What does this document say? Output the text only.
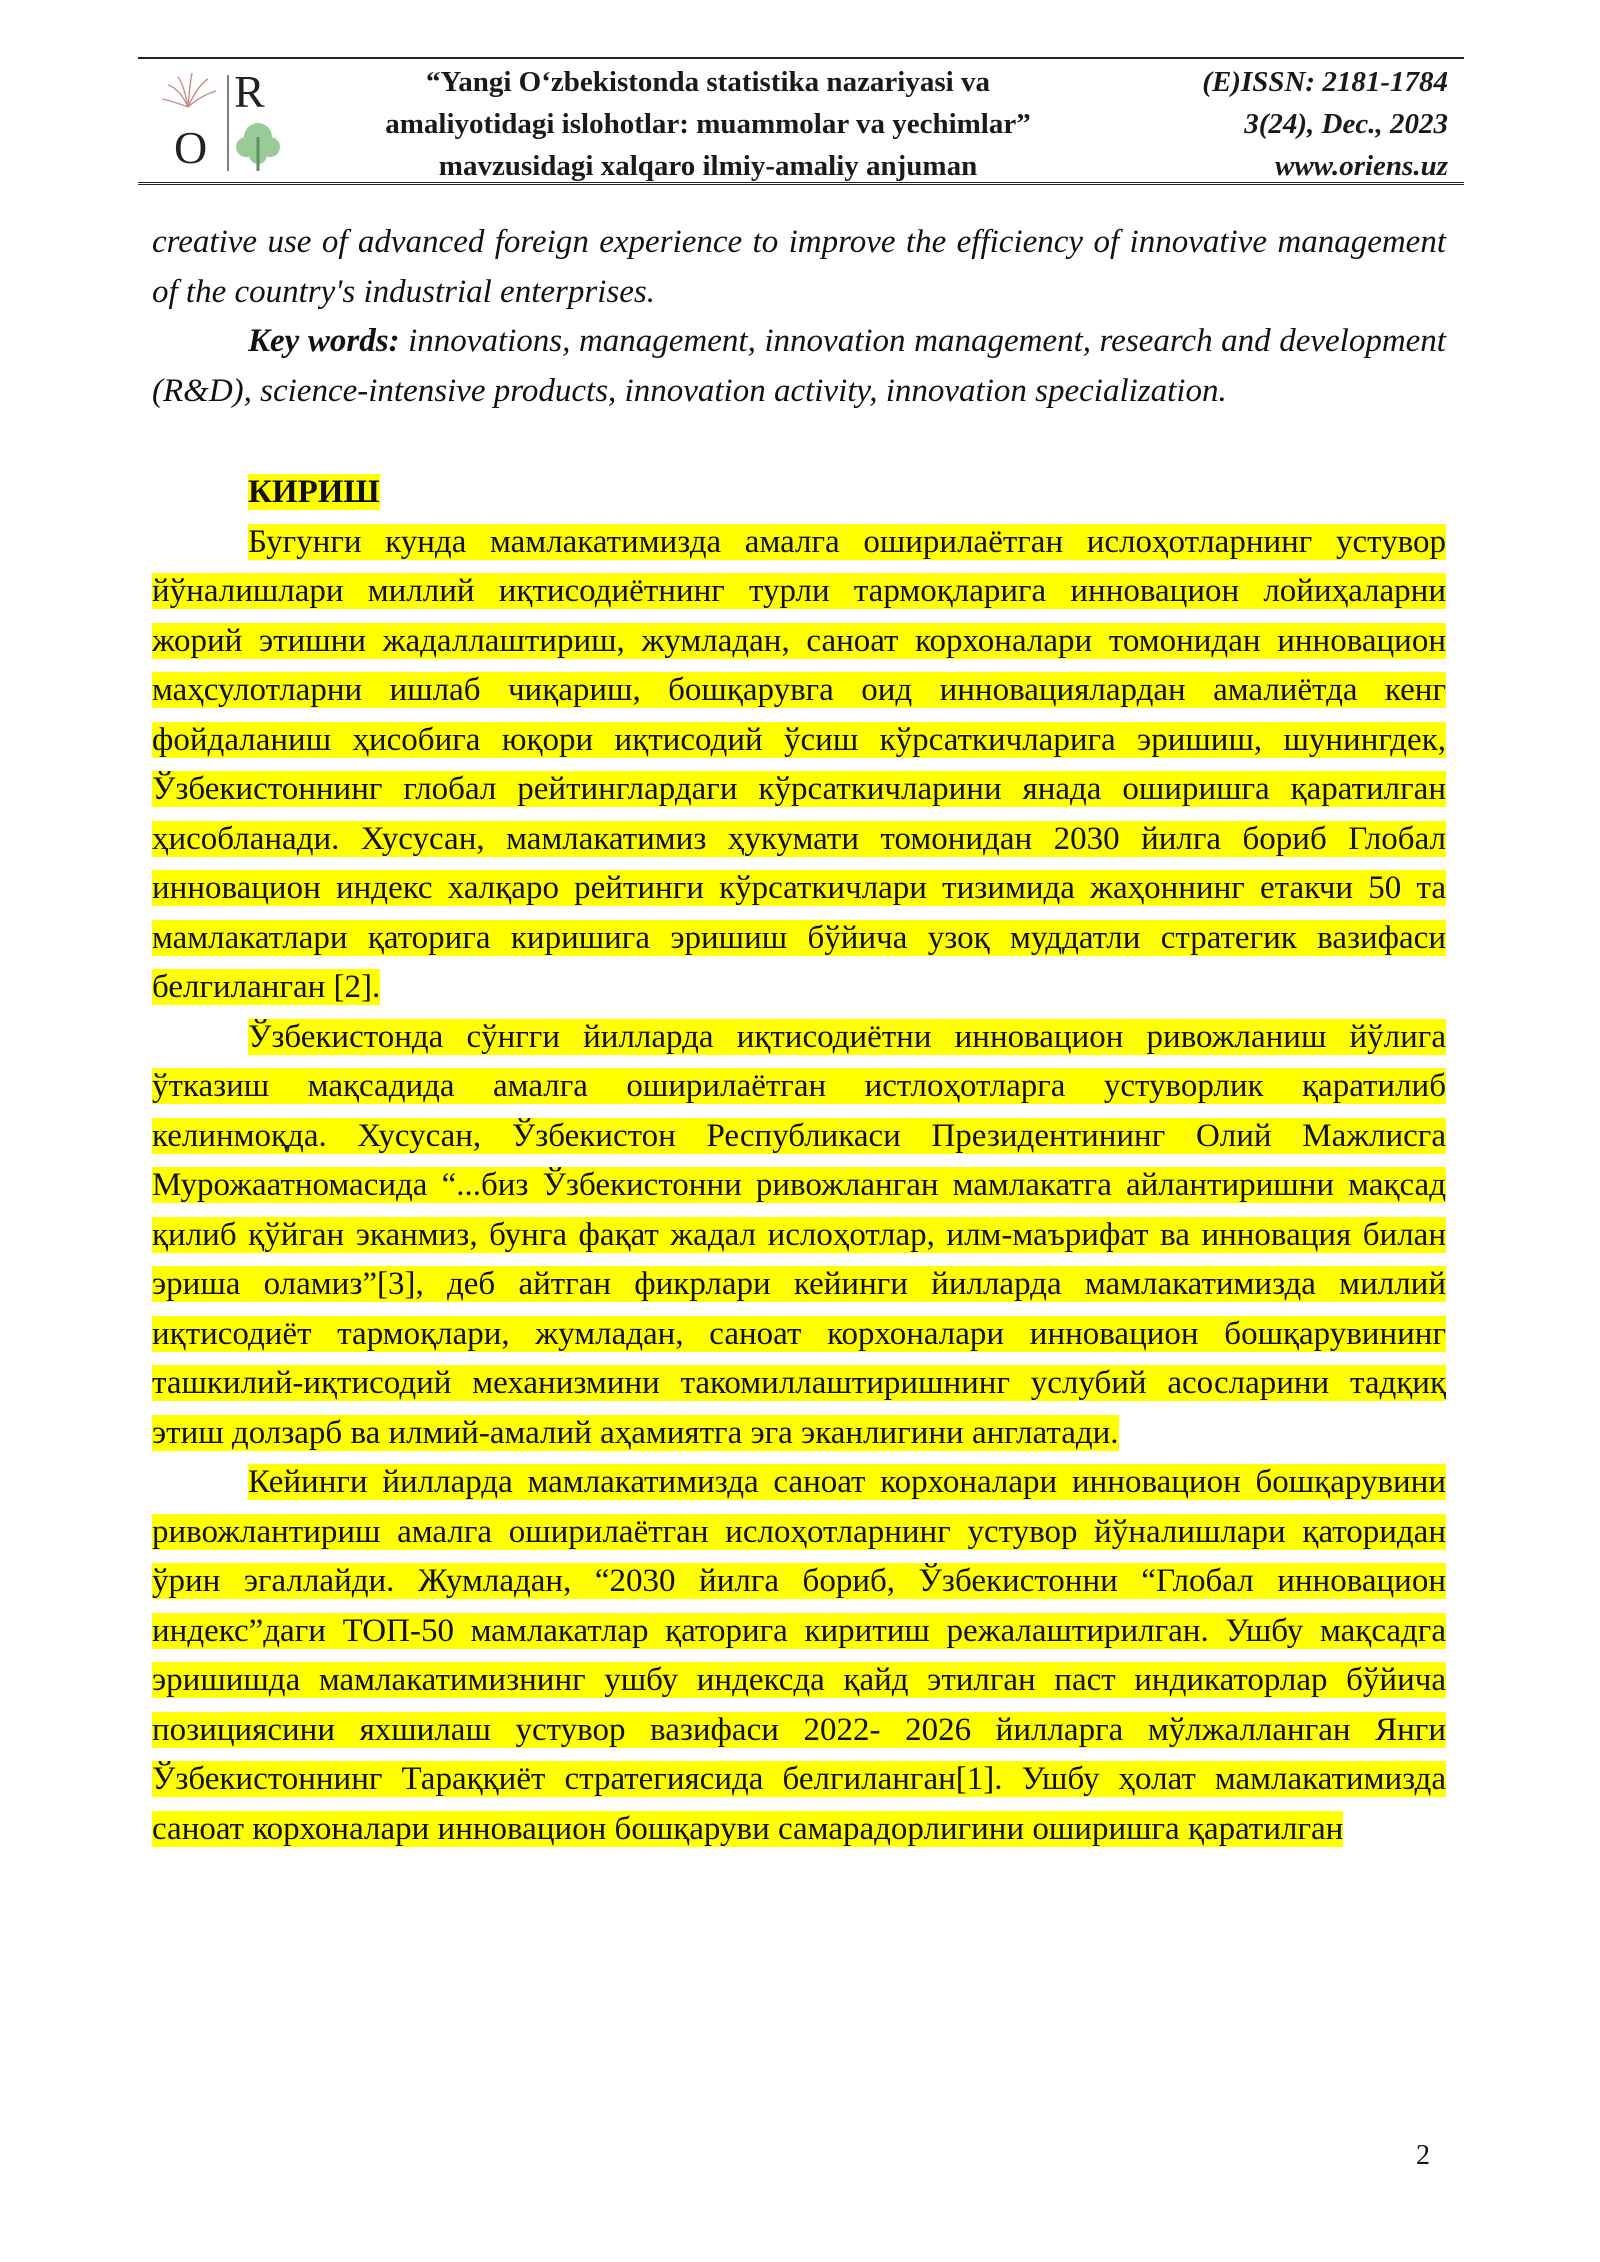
R
O
“Yangi O‘zbekistonda statistika nazariyasi va
amaliyotidagi islohotlar: muammolar va yechimlar”
mavzusidagi xalqaro ilmiy-amaliy anjuman
(E)ISSN: 2181-1784
3(24), Dec., 2023
www.oriens.uz

creative use of advanced foreign experience to improve the efficiency of innovative management of the country's industrial enterprises.

Key words: innovations, management, innovation management, research and development (R&D), science-intensive products, innovation activity, innovation specialization.

КИРИШ

Бугунги кунда мамлакатимизда амалга оширилаётган ислоҳотларнинг устувор йўналишлари миллий иқтисодиётнинг турли тармоқларига инновацион лойиҳаларни жорий этишни жадаллаштириш, жумладан, саноат корхоналари томонидан инновацион маҳсулотларни ишлаб чиқариш, бошқарувга оид инновациялардан амалиётда кенг фойдаланиш ҳисобига юқори иқтисодий ўсиш кўрсаткичларига эришиш, шунингдек, Ўзбекистоннинг глобал рейтинглардаги кўрсаткичларини янада оширишга қаратилган ҳисобланади. Хусусан, мамлакатимиз ҳукумати томонидан 2030 йилга бориб Глобал инновацион индекс халқаро рейтинги кўрсаткичлари тизимида жаҳоннинг етакчи 50 та мамлакатлари қаторига киришига эришиш бўйича узоқ муддатли стратегик вазифаси белгиланган [2].

Ўзбекистонда сўнгги йилларда иқтисодиётни инновацион ривожланиш йўлига ўтказиш мақсадида амалга оширилаётган истлоҳотларга устуворлик қаратилиб келинмоқда. Хусусан, Ўзбекистон Республикаси Президентининг Олий Мажлисга Мурожаатномасида “...биз Ўзбекистонни ривожланган мамлакатга айлантиришни мақсад қилиб қўйган эканмиз, бунга фақат жадал ислоҳотлар, илм-маърифат ва инновация билан эриша оламиз”[3], деб айтган фикрлари кейинги йилларда мамлакатимизда миллий иқтисодиёт тармоқлари, жумладан, саноат корхоналари инновацион бошқарувининг ташкилий-иқтисодий механизмини такомиллаштиришнинг услубий асосларини тадқиқ этиш долзарб ва илмий-амалий аҳамиятга эга эканлигини англатади.

Кейинги йилларда мамлакатимизда саноат корхоналари инновацион бошқарувини ривожлантириш амалга оширилаётган ислоҳотларнинг устувор йўналишлари қаторидан ўрин эгаллайди. Жумладан, “2030 йилга бориб, Ўзбекистонни “Глобал инновацион индекс”даги ТОП-50 мамлакатлар қаторига киритиш режалаштирилган. Ушбу мақсадга эришишда мамлакатимизнинг ушбу индексда қайд этилган паст индикаторлар бўйича позициясини яхшилаш устувор вазифаси 2022- 2026 йилларга мўлжалланган Янги Ўзбекистоннинг Тараққиёт стратегиясида белгиланган[1]. Ушбу ҳолат мамлакатимизда саноат корхоналари инновацион бошқаруви самарадорлигини оширишга қаратилган

2
